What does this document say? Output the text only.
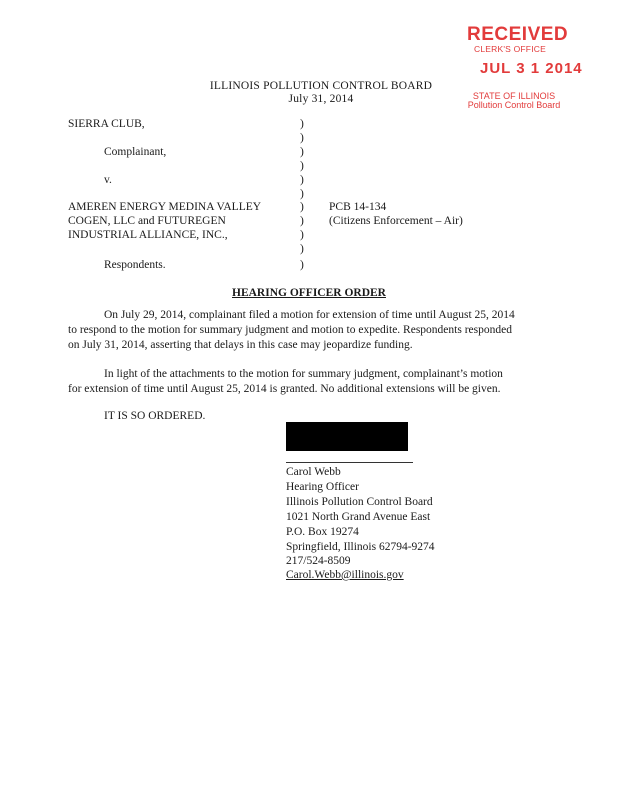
RECEIVED
CLERK'S OFFICE
JUL 3 1 2014
STATE OF ILLINOIS
Pollution Control Board
ILLINOIS POLLUTION CONTROL BOARD
July 31, 2014
SIERRA CLUB,
Complainant,
v.
AMEREN ENERGY MEDINA VALLEY
COGEN, LLC and FUTUREGEN
INDUSTRIAL ALLIANCE, INC.,
Respondents.
)
)
)
)
)
)
)
)
)
)
)
PCB 14-134
(Citizens Enforcement – Air)
HEARING OFFICER ORDER
On July 29, 2014, complainant filed a motion for extension of time until August 25, 2014
to respond to the motion for summary judgment and motion to expedite. Respondents responded
on July 31, 2014, asserting that delays in this case may jeopardize funding.
In light of the attachments to the motion for summary judgment, complainant’s motion
for extension of time until August 25, 2014 is granted. No additional extensions will be given.
IT IS SO ORDERED.
Carol Webb
Hearing Officer
Illinois Pollution Control Board
1021 North Grand Avenue East
P.O. Box 19274
Springfield, Illinois 62794-9274
217/524-8509
Carol.Webb@illinois.gov
